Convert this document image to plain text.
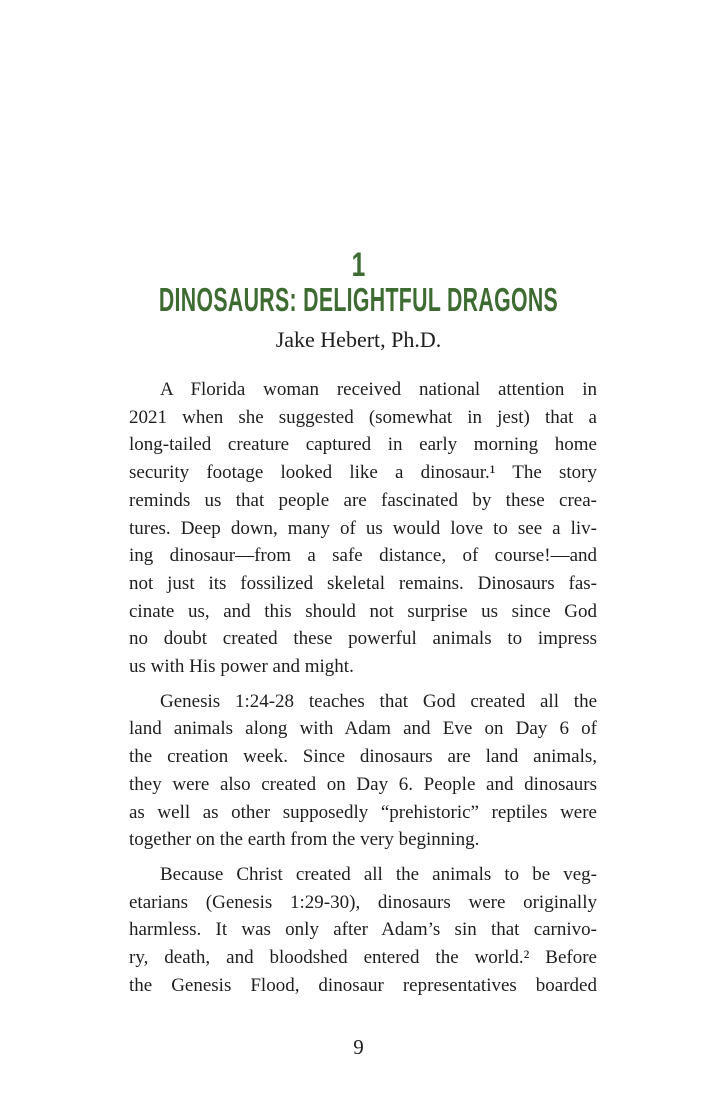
1
DINOSAURS: DELIGHTFUL DRAGONS
Jake Hebert, Ph.D.
A Florida woman received national attention in
2021 when she suggested (somewhat in jest) that a
long-tailed creature captured in early morning home
security footage looked like a dinosaur.¹ The story
reminds us that people are fascinated by these crea-
tures. Deep down, many of us would love to see a liv-
ing dinosaur—from a safe distance, of course!—and
not just its fossilized skeletal remains. Dinosaurs fas-
cinate us, and this should not surprise us since God
no doubt created these powerful animals to impress
us with His power and might.
Genesis 1:24-28 teaches that God created all the
land animals along with Adam and Eve on Day 6 of
the creation week. Since dinosaurs are land animals,
they were also created on Day 6. People and dinosaurs
as well as other supposedly “prehistoric” reptiles were
together on the earth from the very beginning.
Because Christ created all the animals to be veg-
etarians (Genesis 1:29-30), dinosaurs were originally
harmless. It was only after Adam’s sin that carnivo-
ry, death, and bloodshed entered the world.² Before
the Genesis Flood, dinosaur representatives boarded
9
